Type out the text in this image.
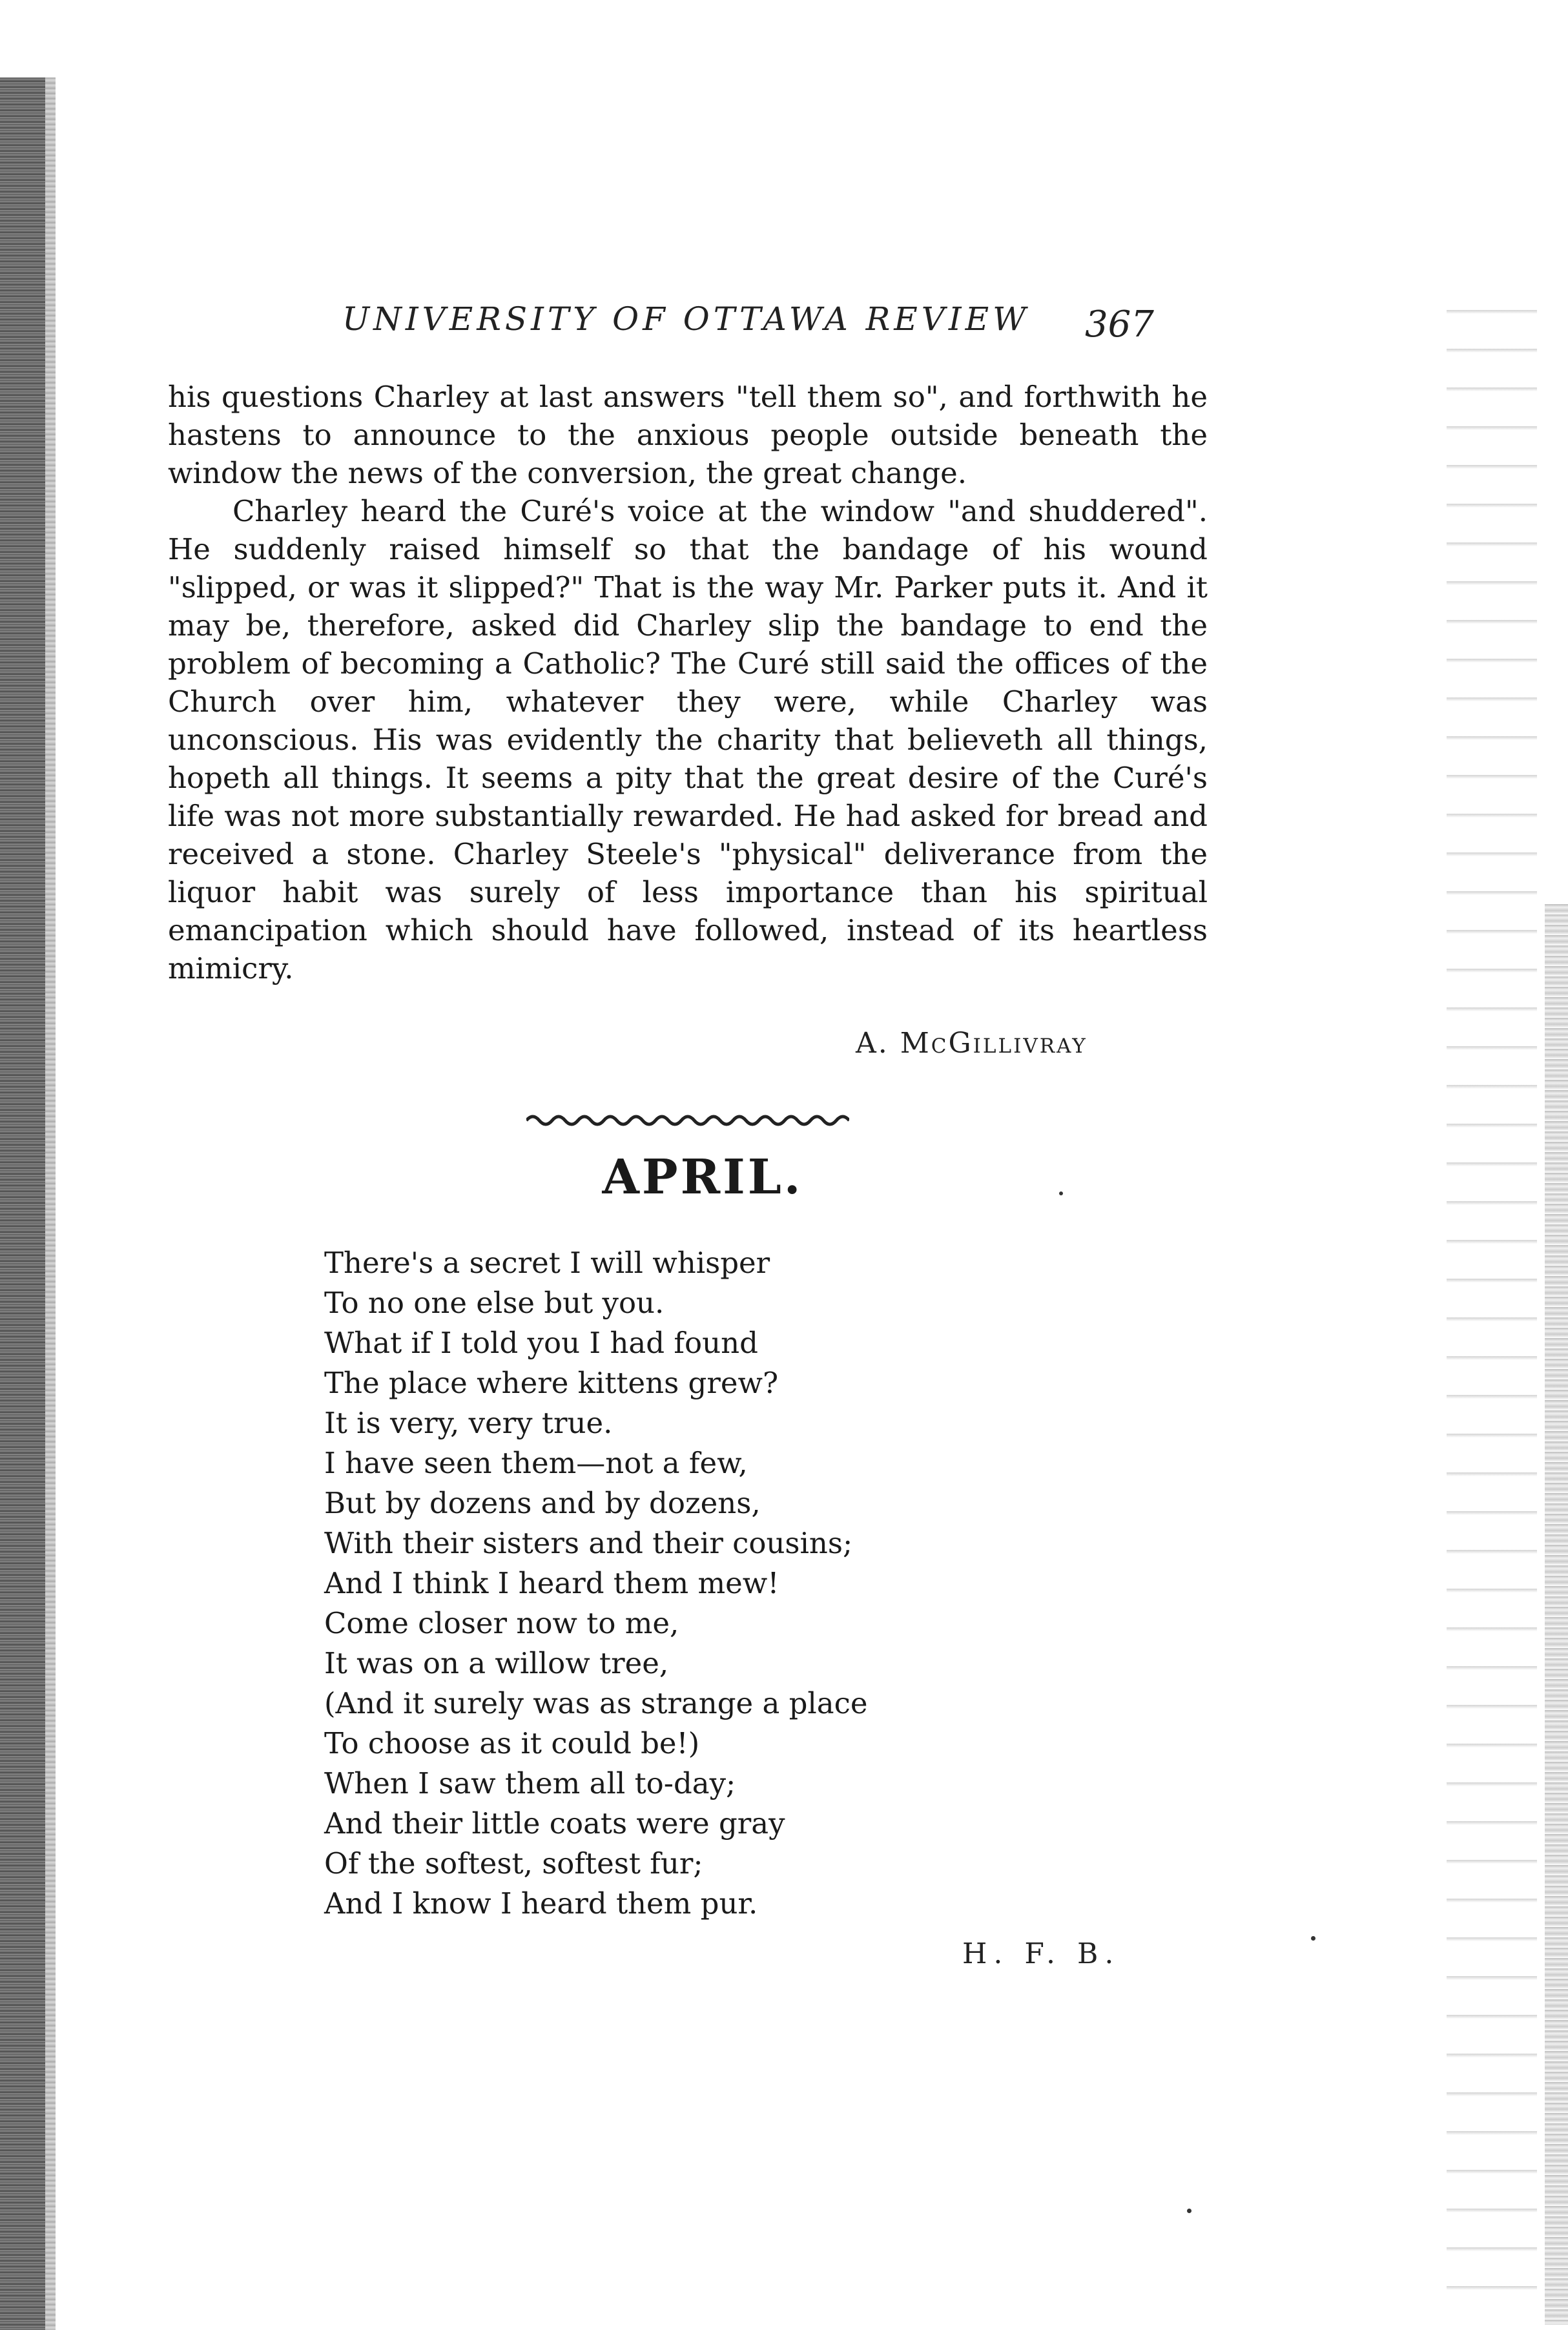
UNIVERSITY OF OTTAWA REVIEW 367

his questions Charley at last answers "tell them so", and forthwith he hastens to announce to the anxious people outside beneath the window the news of the conversion, the great change.

Charley heard the Curé's voice at the window "and shuddered". He suddenly raised himself so that the bandage of his wound "slipped, or was it slipped?" That is the way Mr. Parker puts it. And it may be, therefore, asked did Charley slip the bandage to end the problem of becoming a Catholic? The Curé still said the offices of the Church over him, whatever they were, while Charley was unconscious. His was evidently the charity that believeth all things, hopeth all things. It seems a pity that the great desire of the Curé's life was not more substantially rewarded. He had asked for bread and received a stone. Charley Steele's "physical" deliverance from the liquor habit was surely of less importance than his spiritual emancipation which should have followed, instead of its heartless mimicry.

A. McGillivray
APRIL.
There's a secret I will whisper
To no one else but you.
What if I told you I had found
The place where kittens grew?
It is very, very true.
I have seen them—not a few,
But by dozens and by dozens,
With their sisters and their cousins;
And I think I heard them mew!
Come closer now to me,
It was on a willow tree,
(And it surely was as strange a place
To choose as it could be!)
When I saw them all to-day;
And their little coats were gray
Of the softest, softest fur;
And I know I heard them pur.
H. F. B.
